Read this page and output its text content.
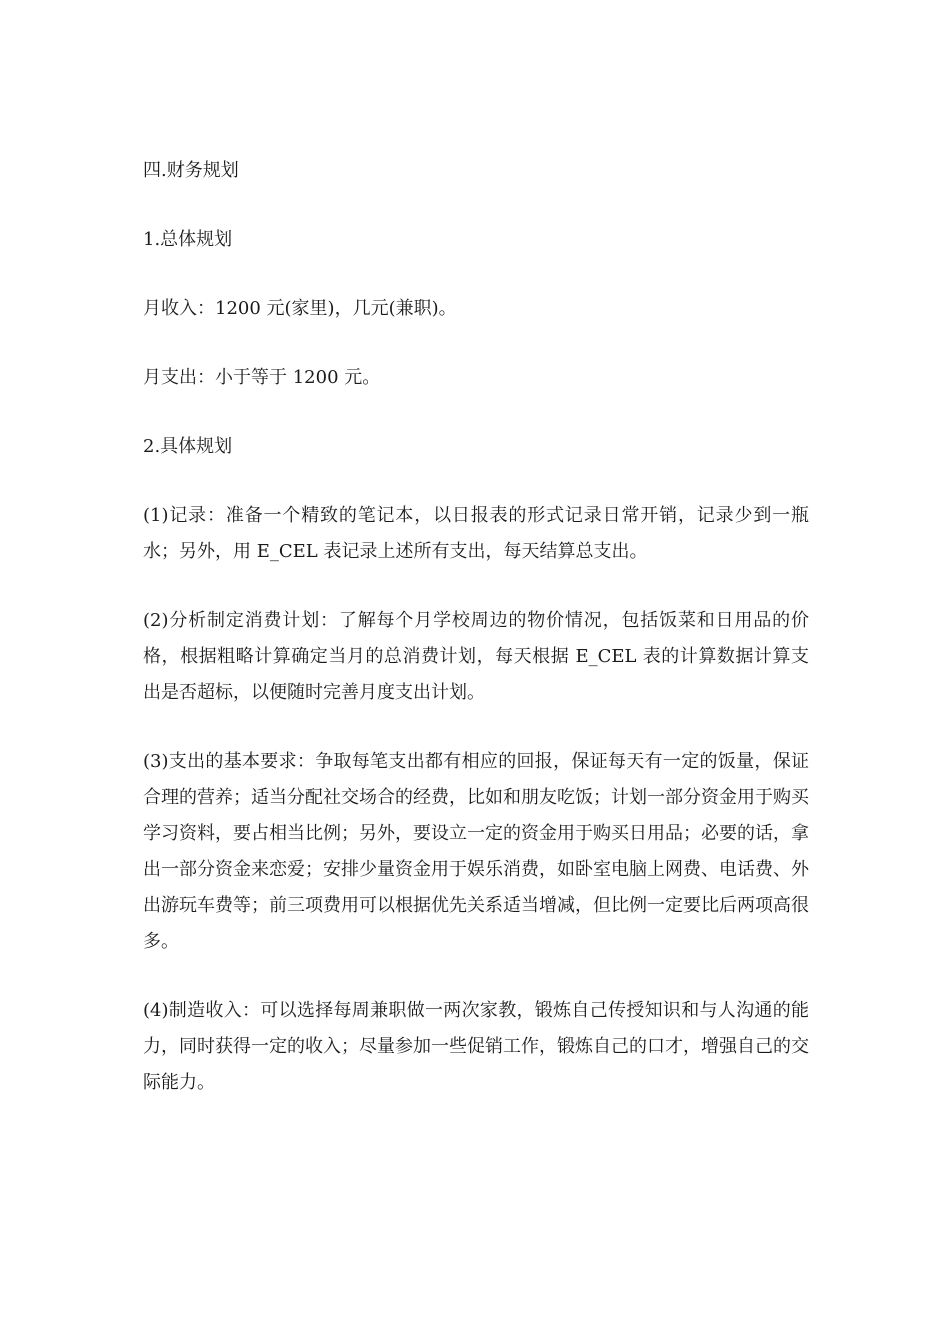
四.财务规划

1.总体规划

月收入：1200 元(家里)，几元(兼职)。

月支出：小于等于 1200 元。

2.具体规划

(1)记录：准备一个精致的笔记本，以日报表的形式记录日常开销，记录少到一瓶水；另外，用 E_CEL 表记录上述所有支出，每天结算总支出。

(2)分析制定消费计划：了解每个月学校周边的物价情况，包括饭菜和日用品的价格，根据粗略计算确定当月的总消费计划，每天根据 E_CEL 表的计算数据计算支出是否超标，以便随时完善月度支出计划。

(3)支出的基本要求：争取每笔支出都有相应的回报，保证每天有一定的饭量，保证合理的营养；适当分配社交场合的经费，比如和朋友吃饭；计划一部分资金用于购买学习资料，要占相当比例；另外，要设立一定的资金用于购买日用品；必要的话，拿出一部分资金来恋爱；安排少量资金用于娱乐消费，如卧室电脑上网费、电话费、外出游玩车费等；前三项费用可以根据优先关系适当增减，但比例一定要比后两项高很多。

(4)制造收入：可以选择每周兼职做一两次家教，锻炼自己传授知识和与人沟通的能力，同时获得一定的收入；尽量参加一些促销工作，锻炼自己的口才，增强自己的交际能力。
